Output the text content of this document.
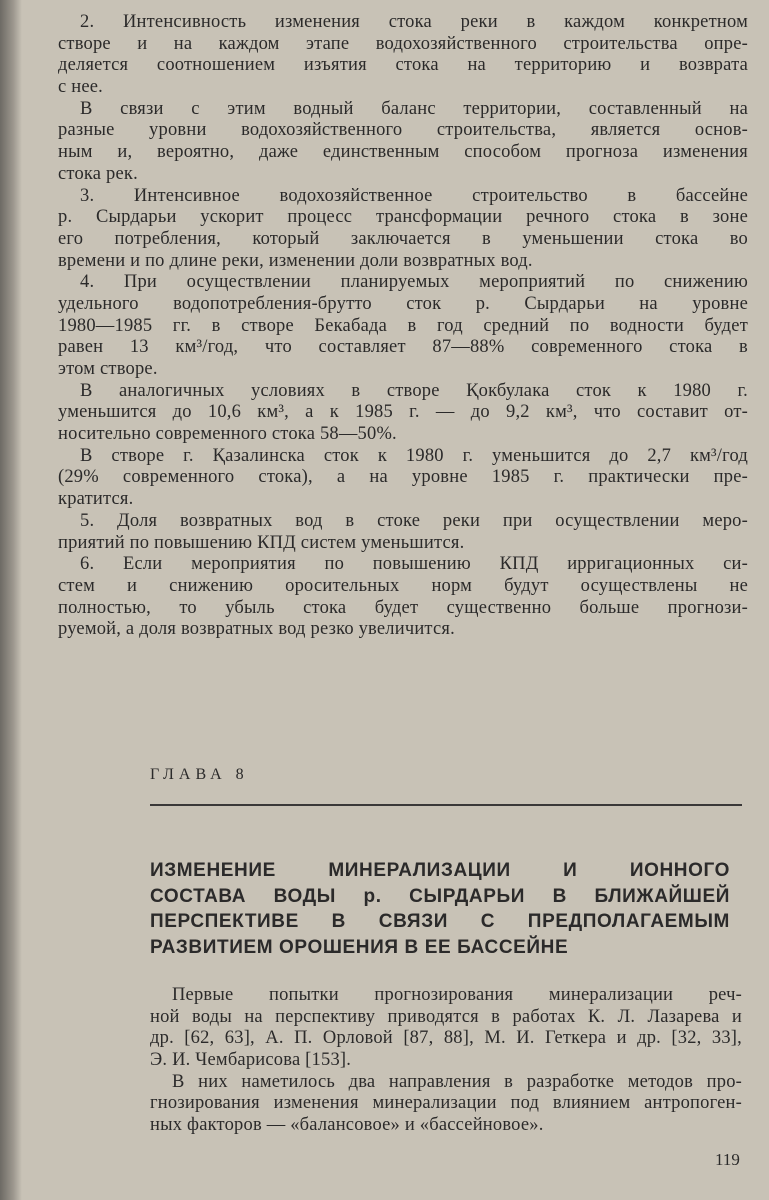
2. Интенсивность изменения стока реки в каждом конкретном
створе и на каждом этапе водохозяйственного строительства опре-
деляется соотношением изъятия стока на территорию и возврата
с нее.
В связи с этим водный баланс территории, составленный на
разные уровни водохозяйственного строительства, является основ-
ным и, вероятно, даже единственным способом прогноза изменения
стока рек.
3. Интенсивное водохозяйственное строительство в бассейне
р. Сырдарьи ускорит процесс трансформации речного стока в зоне
его потребления, который заключается в уменьшении стока во
времени и по длине реки, изменении доли возвратных вод.
4. При осуществлении планируемых мероприятий по снижению
удельного водопотребления-брутто сток р. Сырдарьи на уровне
1980—1985 гг. в створе Бекабада в год средний по водности будет
равен 13 км³/год, что составляет 87—88% современного стока в
этом створе.
В аналогичных условиях в створе Қокбулака сток к 1980 г.
уменьшится до 10,6 км³, а к 1985 г. — до 9,2 км³, что составит от-
носительно современного стока 58—50%.
В створе г. Қазалинска сток к 1980 г. уменьшится до 2,7 км³/год
(29% современного стока), а на уровне 1985 г. практически пре-
кратится.
5. Доля возвратных вод в стоке реки при осуществлении меро-
приятий по повышению КПД систем уменьшится.
6. Если мероприятия по повышению КПД ирригационных си-
стем и снижению оросительных норм будут осуществлены не
полностью, то убыль стока будет существенно больше прогнози-
руемой, а доля возвратных вод резко увеличится.
ГЛАВА 8
ИЗМЕНЕНИЕ МИНЕРАЛИЗАЦИИ И ИОННОГО
СОСТАВА ВОДЫ р. СЫРДАРЬИ В БЛИЖАЙШЕЙ
ПЕРСПЕКТИВЕ В СВЯЗИ С ПРЕДПОЛАГАЕМЫМ
РАЗВИТИЕМ ОРОШЕНИЯ В ЕЕ БАССЕЙНЕ
Первые попытки прогнозирования минерализации реч-
ной воды на перспективу приводятся в работах К. Л. Лазарева и
др. [62, 63], А. П. Орловой [87, 88], М. И. Геткера и др. [32, 33],
Э. И. Чембарисова [153].
В них наметилось два направления в разработке методов про-
гнозирования изменения минерализации под влиянием антропоген-
ных факторов — «балансовое» и «бассейновое».
119
